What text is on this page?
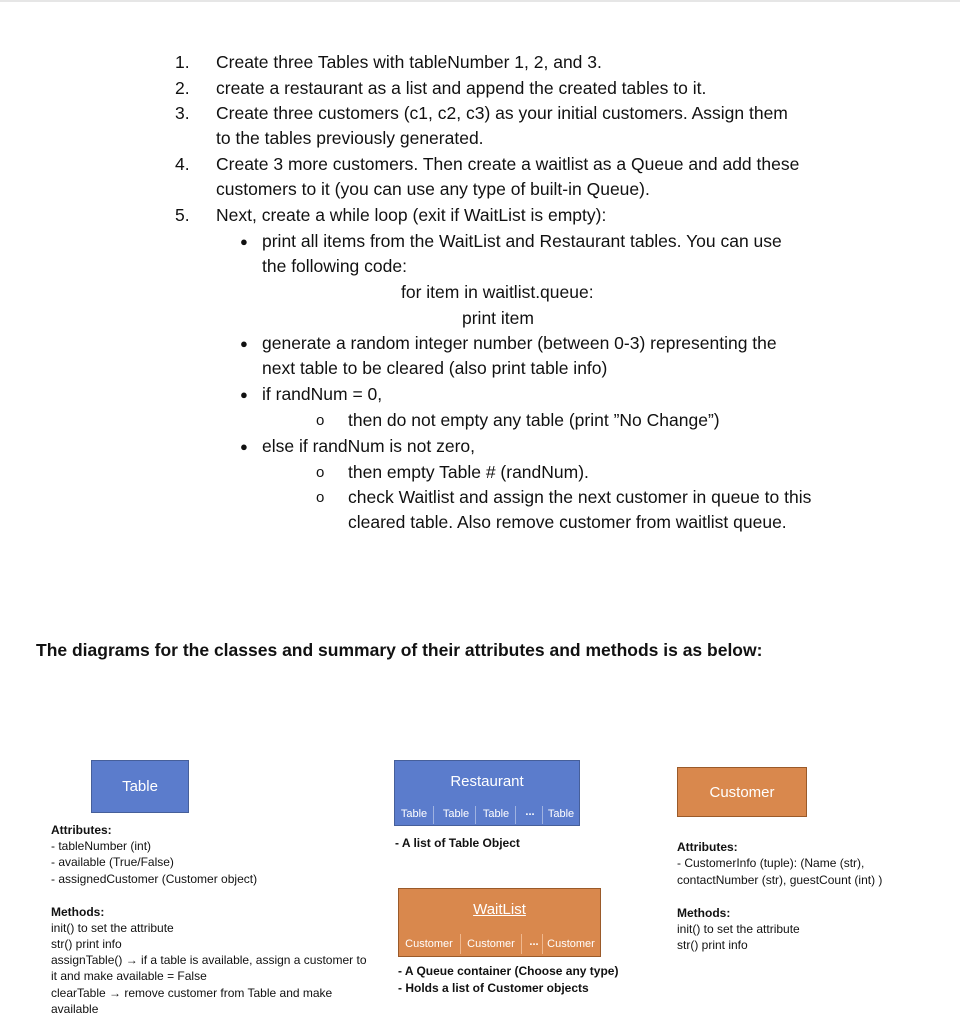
1.	Create three Tables with tableNumber 1, 2, and 3.
2.	create a restaurant as a list and append the created tables to it.
3.	Create three customers (c1, c2, c3) as your initial customers. Assign them
to the tables previously generated.
4.	Create 3 more customers. Then create a waitlist as a Queue and add these
customers to it (you can use any type of built-in Queue).
5.	Next, create a while loop (exit if WaitList is empty):
● print all items from the WaitList and Restaurant tables. You can use
the following code:
for item in waitlist.queue:
print item
● generate a random integer number (between 0-3) representing the
next table to be cleared (also print table info)
● if randNum = 0,
o then do not empty any table (print ”No Change”)
● else if randNum is not zero,
o then empty Table # (randNum).
o check Waitlist and assign the next customer in queue to this
cleared table. Also remove customer from waitlist queue.
The diagrams for the classes and summary of their attributes and methods is as below:
Table
Attributes:
- tableNumber (int)
- available (True/False)
- assignedCustomer (Customer object)
Methods:
init() to set the attribute
str() print info
assignTable() → if a table is available, assign a customer to
it and make available = False
clearTable → remove customer from Table and make
available
Restaurant
Table Table Table	...	Table
- A list of Table Object
WaitList
Customer Customer ... Customer
- A Queue container (Choose any type)
- Holds a list of Customer objects
Customer
Attributes:
- CustomerInfo (tuple): (Name (str),
contactNumber (str), guestCount (int) )
Methods:
init() to set the attribute
str() print info
